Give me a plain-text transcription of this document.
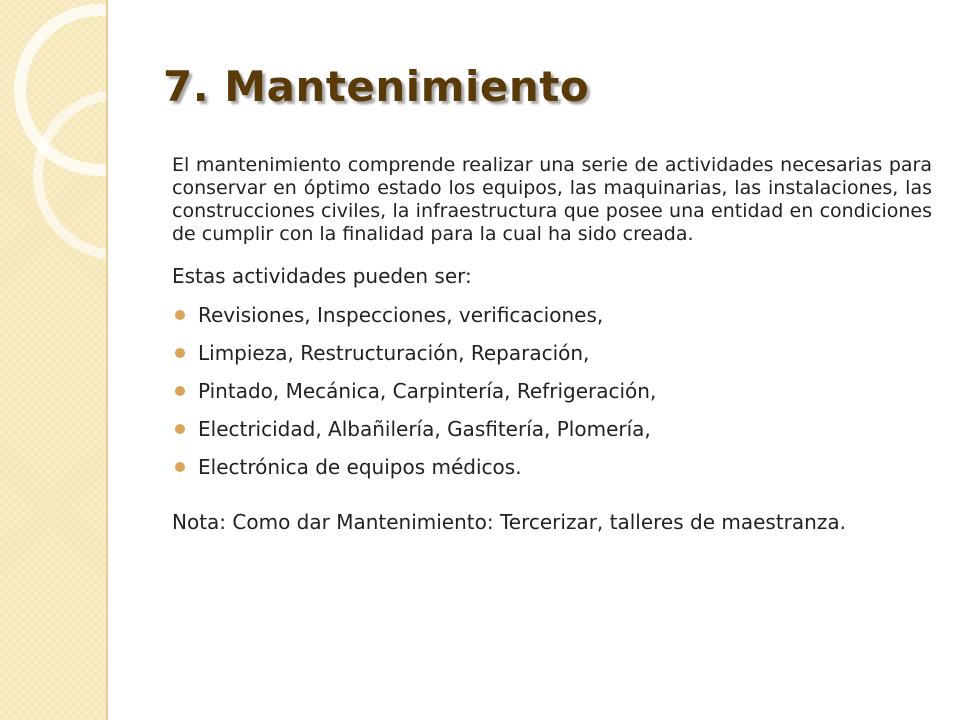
7. Mantenimiento

El mantenimiento comprende realizar una serie de actividades necesarias para conservar en óptimo estado los equipos, las maquinarias, las instalaciones, las construcciones civiles, la infraestructura que posee una entidad en condiciones de cumplir con la finalidad para la cual ha sido creada.

Estas actividades pueden ser:

Revisiones, Inspecciones, verificaciones,
Limpieza, Restructuración, Reparación,
Pintado, Mecánica, Carpintería, Refrigeración,
Electricidad, Albañilería, Gasfitería, Plomería,
Electrónica de equipos médicos.

Nota: Como dar Mantenimiento: Tercerizar, talleres de maestranza.
